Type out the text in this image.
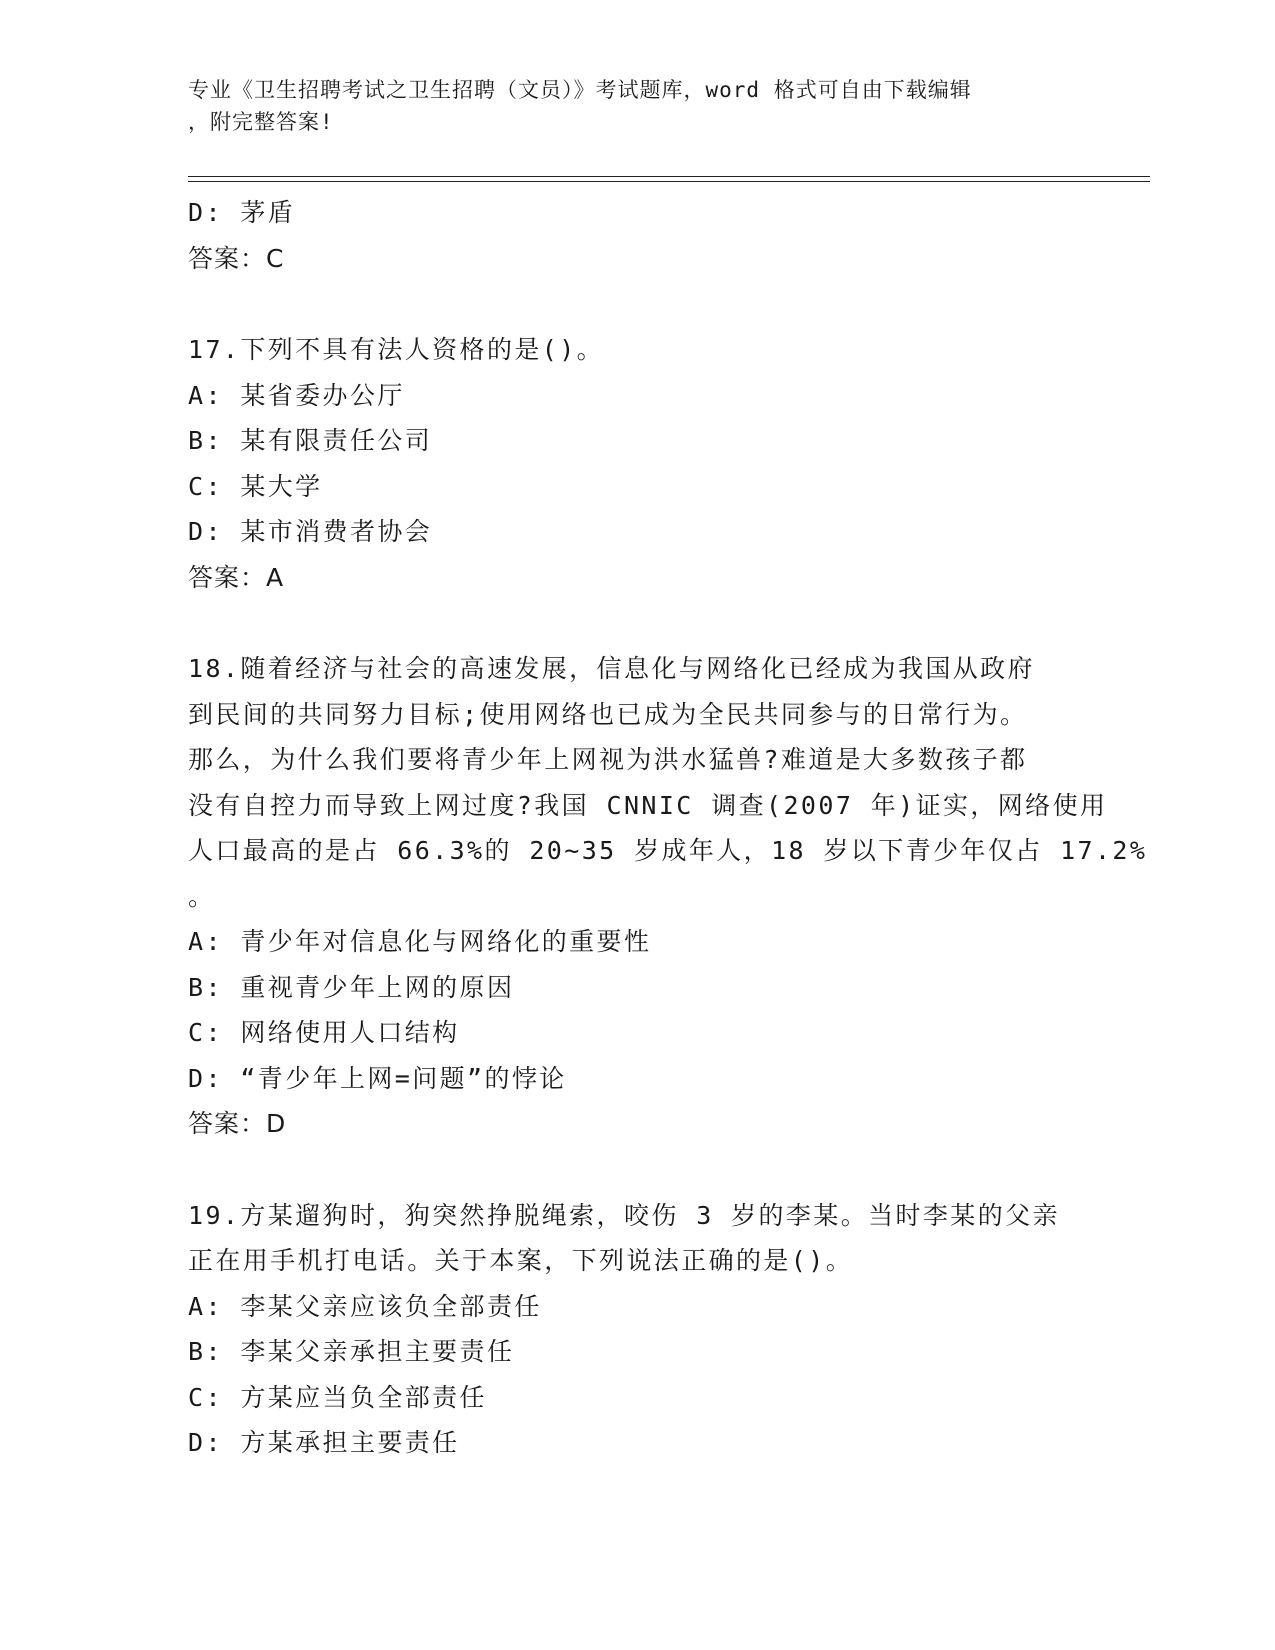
专业《卫生招聘考试之卫生招聘（文员）》考试题库，word 格式可自由下载编辑
，附完整答案!
D: 茅盾
答案：C
17.下列不具有法人资格的是()。
A: 某省委办公厅
B: 某有限责任公司
C: 某大学
D: 某市消费者协会
答案：A
18.随着经济与社会的高速发展，信息化与网络化已经成为我国从政府
到民间的共同努力目标;使用网络也已成为全民共同参与的日常行为。
那么，为什么我们要将青少年上网视为洪水猛兽?难道是大多数孩子都
没有自控力而导致上网过度?我国 CNNIC 调查(2007 年)证实，网络使用
人口最高的是占 66.3%的 20~35 岁成年人，18 岁以下青少年仅占 17.2%
。
A: 青少年对信息化与网络化的重要性
B: 重视青少年上网的原因
C: 网络使用人口结构
D: “青少年上网=问题”的悖论
答案：D
19.方某遛狗时，狗突然挣脱绳索，咬伤 3 岁的李某。当时李某的父亲
正在用手机打电话。关于本案，下列说法正确的是()。
A: 李某父亲应该负全部责任
B: 李某父亲承担主要责任
C: 方某应当负全部责任
D: 方某承担主要责任
